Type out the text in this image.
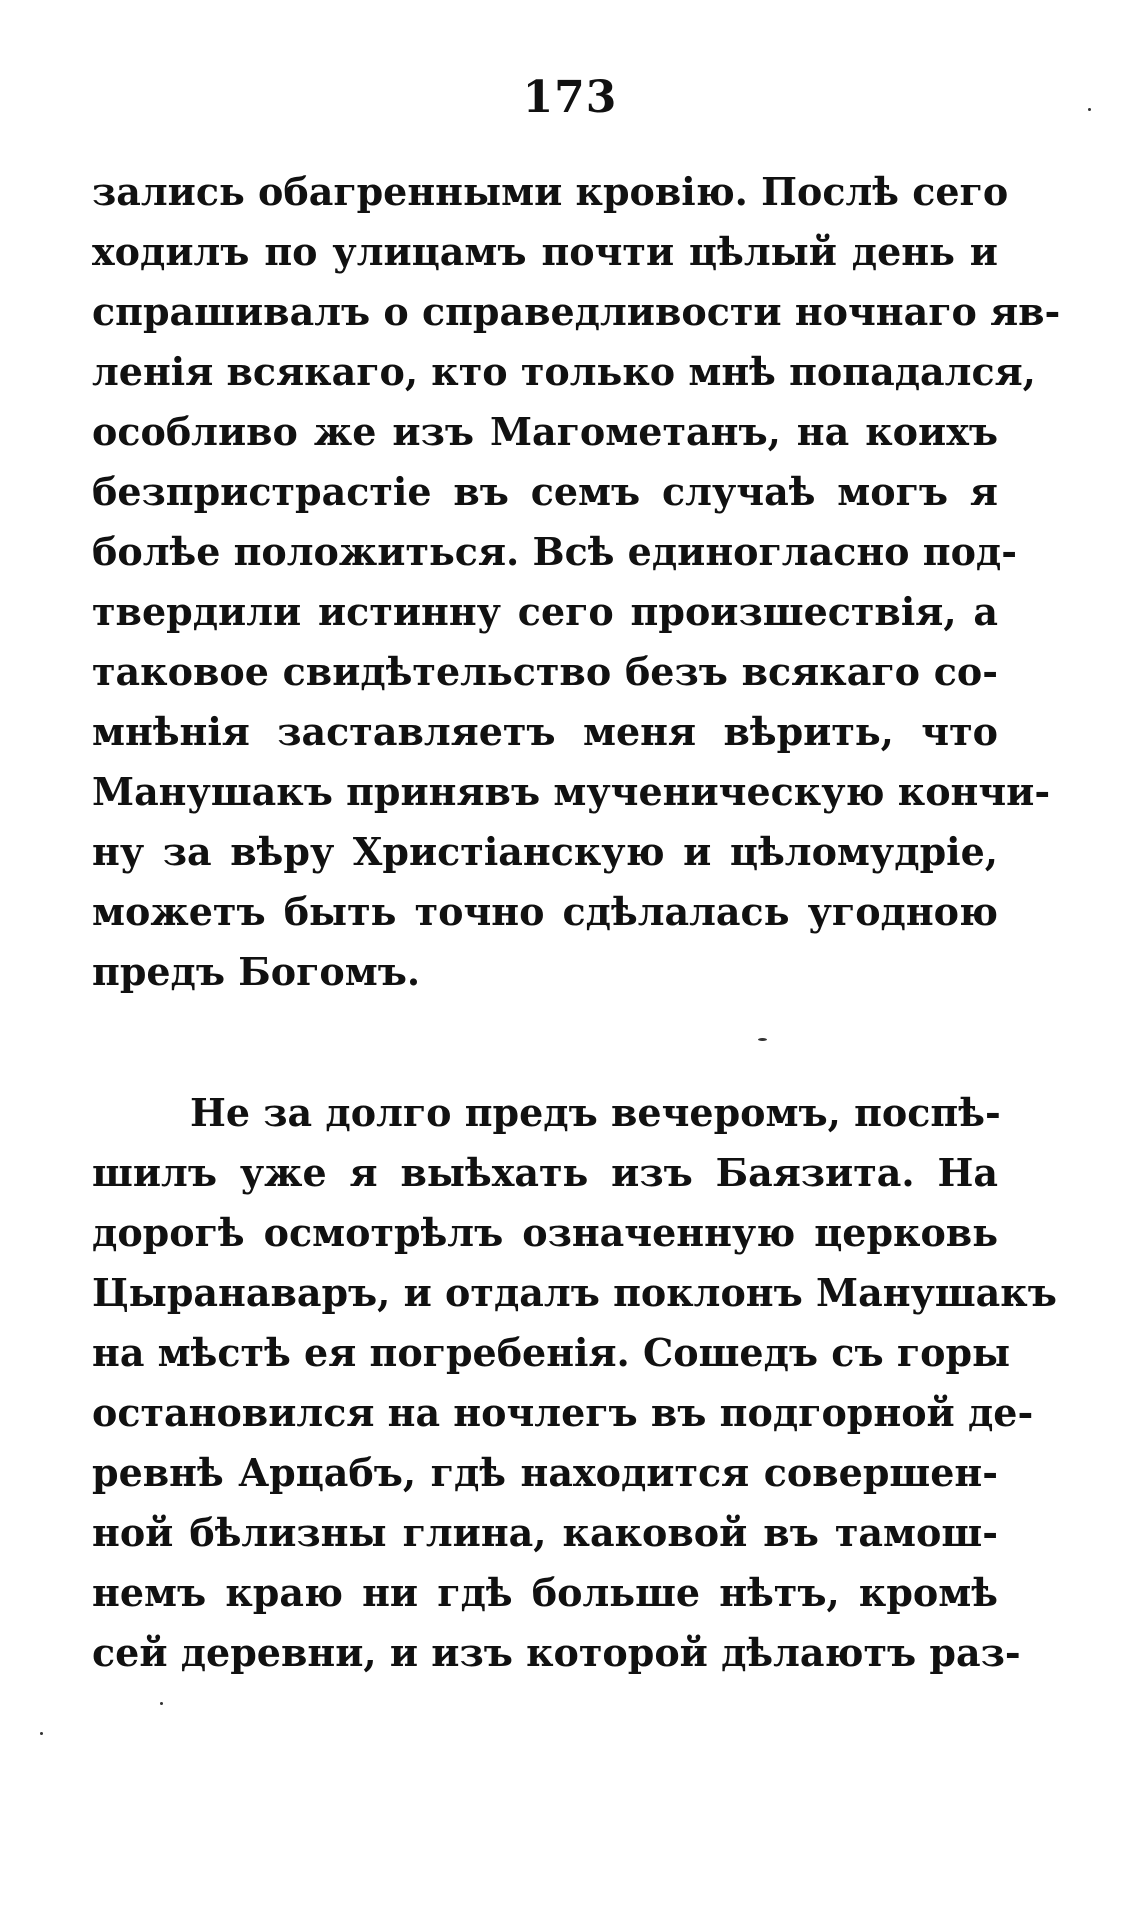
173
зались обагренными кровію. Послѣ сего
ходилъ по улицамъ почти цѣлый день и
спрашивалъ о справедливости ночнаго яв-
ленія всякаго, кто только мнѣ попадался,
особливо же изъ Магометанъ, на коихъ
безпристрастіе въ семъ случаѣ могъ я
болѣе положиться. Всѣ единогласно под-
твердили истинну сего произшествія, а
таковое свидѣтельство безъ всякаго со-
мнѣнія заставляетъ меня вѣрить, что
Манушакъ принявъ мученическую кончи-
ну за вѣру Христіанскую и цѣломудріе,
можетъ быть точно сдѣлалась угодною
предъ Богомъ.
Не за долго предъ вечеромъ, поспѣ-
шилъ уже я выѣхать изъ Баязита. На
дорогѣ осмотрѣлъ означенную церковь
Цыранаваръ, и отдалъ поклонъ Манушакъ
на мѣстѣ ея погребенія. Сошедъ съ горы
остановился на ночлегъ въ подгорной де-
ревнѣ Арцабъ, гдѣ находится совершен-
ной бѣлизны глина, каковой въ тамош-
немъ краю ни гдѣ больше нѣтъ, кромѣ
сей деревни, и изъ которой дѣлаютъ раз-
